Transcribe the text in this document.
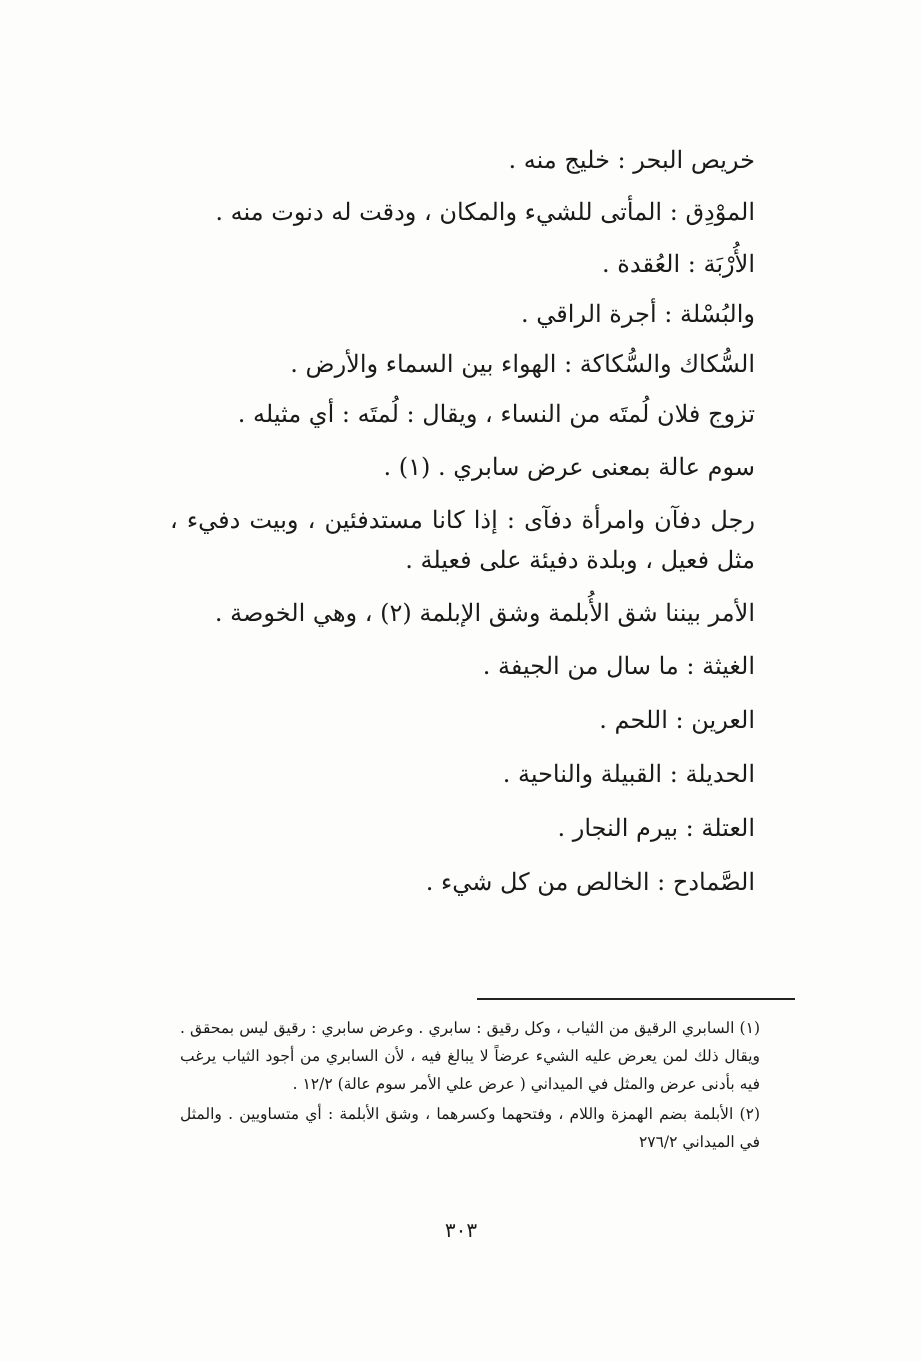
خريص البحر : خليج منه .

الموْدِق : المأتى للشيء والمكان ، ودقت له دنوت منه .

الأُرْبَة : العُقدة .

والبُسْلة : أجرة الراقي .

السُّكاك والسُّكاكة : الهواء بين السماء والأرض .

تزوج فلان لُمتَه من النساء ، ويقال : لُمتَه : أي مثيله .

سوم عالة بمعنى عرض سابري . (١) .

رجل دفآن وامرأة دفآى : إذا كانا مستدفئين ، وبيت دفيء ، مثل فعيل ، وبلدة دفيئة على فعيلة .

الأمر بيننا شق الأُبلمة وشق الإبلمة (٢) ، وهي الخوصة .

الغيثة : ما سال من الجيفة .

العرين : اللحم .

الحديلة : القبيلة والناحية .

العتلة : بيرم النجار .

الصَّمادح : الخالص من كل شيء .

(١) السابري الرقيق من الثياب ، وكل رقيق : سابري . وعرض سابري : رقيق ليس بمحقق . ويقال ذلك لمن يعرض عليه الشيء عرضاً لا يبالغ فيه ، لأن السابري من أجود الثياب يرغب فيه بأدنى عرض والمثل في الميداني ( عرض علي الأمر سوم عالة) ١٢/٢ .

(٢) الأبلمة بضم الهمزة واللام ، وفتحهما وكسرهما ، وشق الأبلمة : أي متساويين . والمثل في الميداني ٢٧٦/٢

٣٠٣
